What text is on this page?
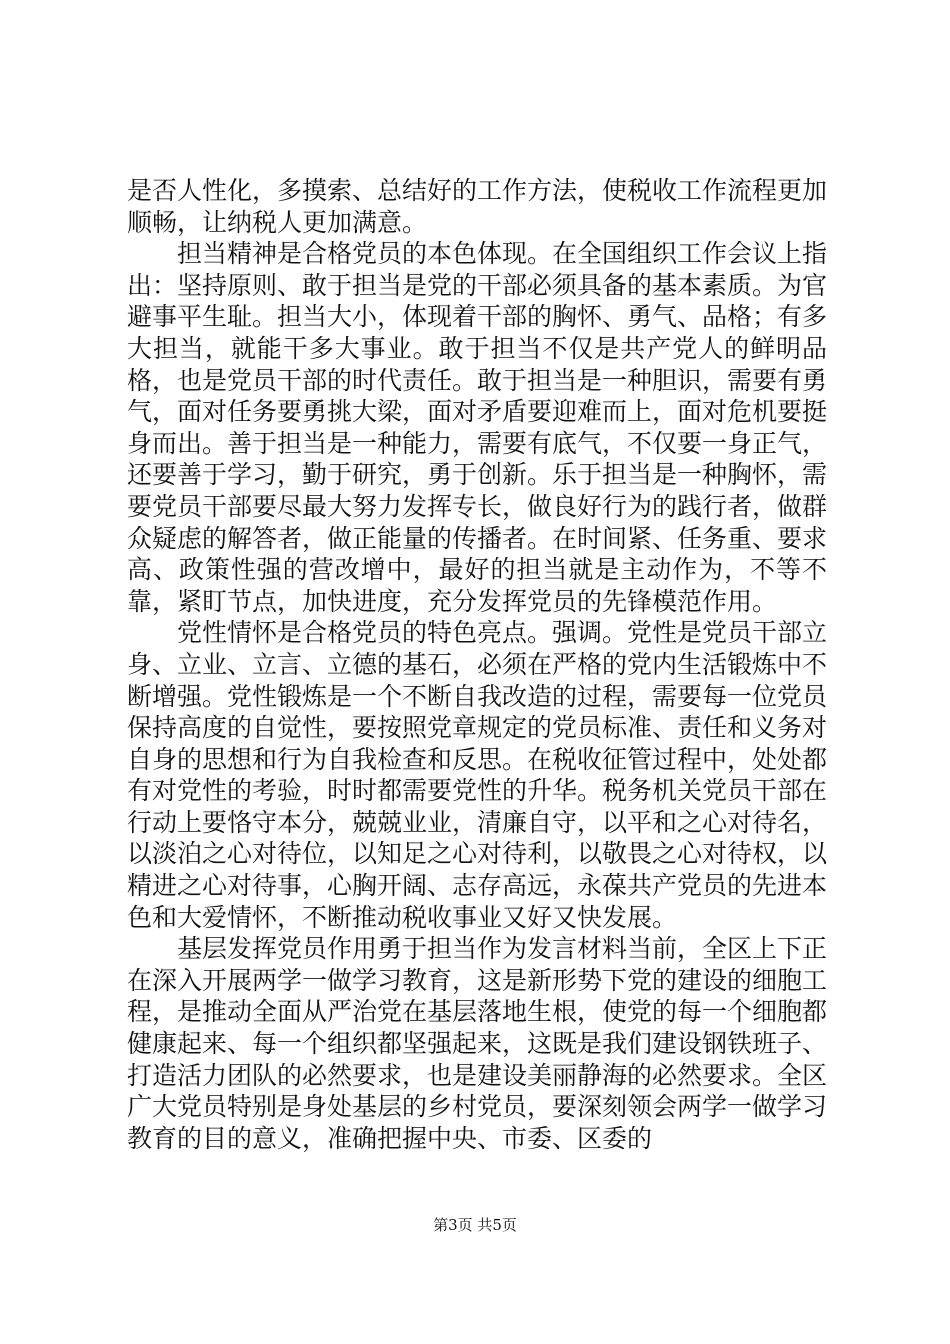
是否人性化，多摸索、总结好的工作方法，使税收工作流程更加顺畅，让纳税人更加满意。

担当精神是合格党员的本色体现。在全国组织工作会议上指出：坚持原则、敢于担当是党的干部必须具备的基本素质。为官避事平生耻。担当大小，体现着干部的胸怀、勇气、品格；有多大担当，就能干多大事业。敢于担当不仅是共产党人的鲜明品格，也是党员干部的时代责任。敢于担当是一种胆识，需要有勇气，面对任务要勇挑大梁，面对矛盾要迎难而上，面对危机要挺身而出。善于担当是一种能力，需要有底气，不仅要一身正气，还要善于学习，勤于研究，勇于创新。乐于担当是一种胸怀，需要党员干部要尽最大努力发挥专长，做良好行为的践行者，做群众疑虑的解答者，做正能量的传播者。在时间紧、任务重、要求高、政策性强的营改增中，最好的担当就是主动作为，不等不靠，紧盯节点，加快进度，充分发挥党员的先锋模范作用。

党性情怀是合格党员的特色亮点。强调。党性是党员干部立身、立业、立言、立德的基石，必须在严格的党内生活锻炼中不断增强。党性锻炼是一个不断自我改造的过程，需要每一位党员保持高度的自觉性，要按照党章规定的党员标准、责任和义务对自身的思想和行为自我检查和反思。在税收征管过程中，处处都有对党性的考验，时时都需要党性的升华。税务机关党员干部在行动上要恪守本分，兢兢业业，清廉自守，以平和之心对待名，以淡泊之心对待位，以知足之心对待利，以敬畏之心对待权，以精进之心对待事，心胸开阔、志存高远，永葆共产党员的先进本色和大爱情怀，不断推动税收事业又好又快发展。

基层发挥党员作用勇于担当作为发言材料当前，全区上下正在深入开展两学一做学习教育，这是新形势下党的建设的细胞工程，是推动全面从严治党在基层落地生根，使党的每一个细胞都健康起来、每一个组织都坚强起来，这既是我们建设钢铁班子、打造活力团队的必然要求，也是建设美丽静海的必然要求。全区广大党员特别是身处基层的乡村党员，要深刻领会两学一做学习教育的目的意义，准确把握中央、市委、区委的

第3页 共5页
